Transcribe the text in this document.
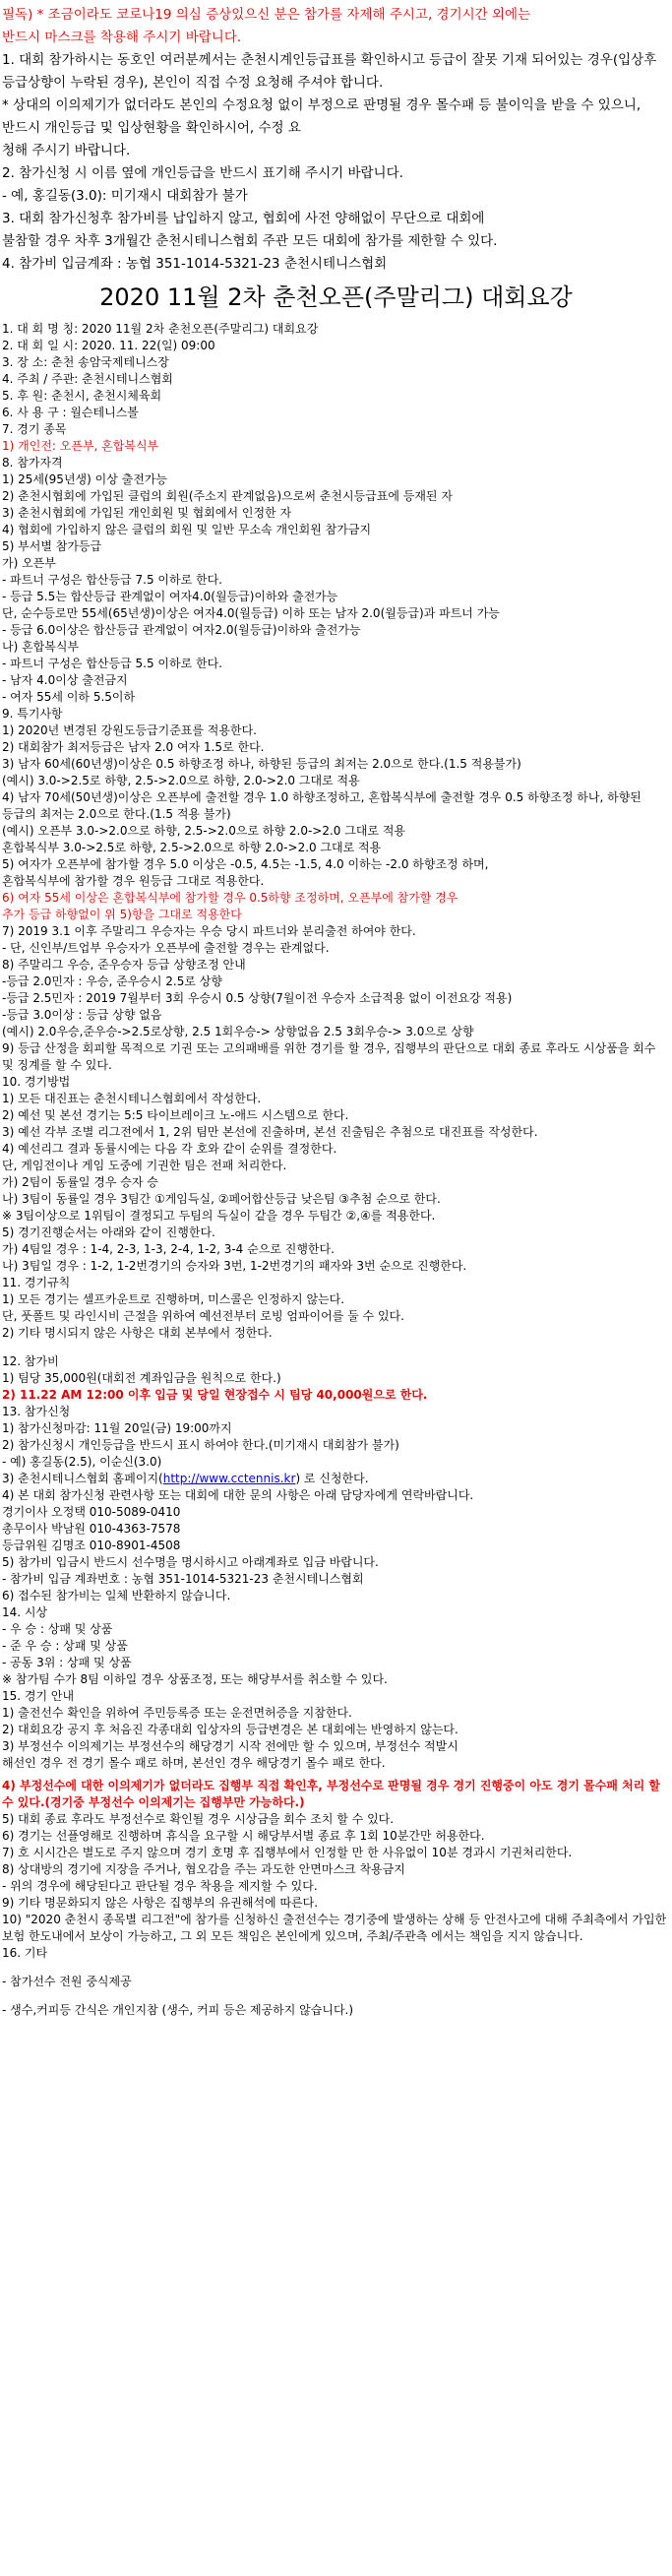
필독) * 조금이라도 코로나19 의심 증상있으신 분은 참가를 자제해 주시고, 경기시간 외에는

반드시 마스크를 착용해 주시기 바랍니다.

1. 대회 참가하시는 동호인 여러분께서는 춘천시계인등급표를 확인하시고 등급이 잘못 기재 되어있는 경우(입상후 등급상향이 누락된 경우), 본인이 직접 수정 요청해 주셔야 합니다.

* 상대의 이의제기가 없더라도 본인의 수정요청 없이 부정으로 판명될 경우 몰수패 등 불이익을 받을 수 있으니, 반드시 개인등급 및 입상현황을 확인하시어, 수정 요

청해 주시기 바랍니다.

2. 참가신청 시 이름 옆에 개인등급을 반드시 표기해 주시기 바랍니다.

- 예, 홍길동(3.0): 미기재시 대회참가 불가

3. 대회 참가신청후 참가비를 납입하지 않고, 협회에 사전 양해없이 무단으로 대회에

불참할 경우 차후 3개월간 춘천시테니스협회 주관 모든 대회에 참가를 제한할 수 있다.

4. 참가비 입금계좌 : 농협 351-1014-5321-23 춘천시테니스협회

2020 11월 2차 춘천오픈(주말리그) 대회요강

1. 대 회 명 칭: 2020 11월 2차 춘천오픈(주말리그) 대회요강

2. 대 회 일 시: 2020. 11. 22(일) 09:00

3. 장 소: 춘천 송암국제테니스장

4. 주최 / 주관: 춘천시테니스협회

5. 후 원: 춘천시, 춘천시체육회

6. 사 용 구 : 월슨테니스볼

7. 경기 종목

1) 개인전: 오픈부, 혼합복식부

8. 참가자격

1) 25세(95년생) 이상 출전가능

2) 춘천시협회에 가입된 클럽의 회원(주소지 관계없음)으로써 춘천시등급표에 등재된 자

3) 춘천시협회에 가입된 개인회원 및 협회에서 인정한 자

4) 협회에 가입하지 않은 클럽의 회원 및 일반 무소속 개인회원 참가금지

5) 부서별 참가등급

가) 오픈부

- 파트너 구성은 합산등급 7.5 이하로 한다.

- 등급 5.5는 합산등급 관계없이 여자4.0(월등급)이하와 출전가능

단, 순수등로만 55세(65년생)이상은 여자4.0(월등급) 이하 또는 남자 2.0(월등급)과 파트너 가능

- 등급 6.0이상은 합산등급 관계없이 여자2.0(월등급)이하와 출전가능

나) 혼합복식부

- 파트너 구성은 합산등급 5.5 이하로 한다.

- 남자 4.0이상 출전금지

- 여자 55세 이하 5.5이하

9. 특기사항

1) 2020년 변경된 강원도등급기준표를 적용한다.

2) 대회참가 최저등급은 남자 2.0 여자 1.5로 한다.

3) 남자 60세(60년생)이상은 0.5 하향조정 하나, 하향된 등급의 최저는 2.0으로 한다.(1.5 적용불가)

(예시) 3.0->2.5로 하향, 2.5->2.0으로 하향, 2.0->2.0 그대로 적용

4) 남자 70세(50년생)이상은 오픈부에 출전할 경우 1.0 하향조정하고, 혼합복식부에 출전할 경우 0.5 하향조정 하나, 하향된 등급의 최저는 2.0으로 한다.(1.5 적용 불가)

(예시) 오픈부 3.0->2.0으로 하향, 2.5->2.0으로 하향 2.0->2.0 그대로 적용

혼합복식부 3.0->2.5로 하향, 2.5->2.0으로 하향 2.0->2.0 그대로 적용

5) 여자가 오픈부에 참가할 경우 5.0 이상은 -0.5, 4.5는 -1.5, 4.0 이하는 -2.0 하향조정 하며,

혼합복식부에 참가할 경우 원등급 그대로 적용한다.

6) 여자 55세 이상은 혼합복식부에 참가할 경우 0.5하향 조정하며, 오픈부에 참가할 경우

추가 등급 하향없이 위 5)항을 그대로 적용한다

7) 2019 3.1 이후 주말리그 우승자는 우승 당시 파트너와 분리출전 하여야 한다.

- 단, 신인부/트업부 우승자가 오픈부에 출전할 경우는 관계없다.

8) 주말리그 우승, 준우승자 등급 상향조정 안내

-등급 2.0민자 : 우승, 준우승시 2.5로 상향

-등급 2.5민자 : 2019 7월부터 3회 우승시 0.5 상향(7월이전 우승자 소급적용 없이 이전요강 적용)

-등급 3.0이상 : 등급 상향 없음

(예시) 2.0우승,준우승->2.5로상향, 2.5 1회우승-> 상향없음 2.5 3회우승-> 3.0으로 상향

9) 등급 산정을 회피할 목적으로 기권 또는 고의패배를 위한 경기를 할 경우, 집행부의 판단으로 대회 종료 후라도 시상품을 회수 및 징계를 할 수 있다.

10. 경기방법

1) 모든 대진표는 춘천시테니스협회에서 작성한다.

2) 예선 및 본선 경기는 5:5 타이브레이크 노-애드 시스템으로 한다.

3) 예선 각부 조별 리그전에서 1, 2위 팀만 본선에 진출하며, 본선 진출팀은 추첨으로 대진표를 작성한다.

4) 예선리그 결과 동률시에는 다음 각 호와 같이 순위를 결정한다.

단, 게임전이나 게임 도중에 기권한 팀은 전패 처리한다.

가) 2팀이 동률일 경우 승자 승

나) 3팀이 동률일 경우 3팀간 ①게임득실, ②페어합산등급 낮은팀 ③추첨 순으로 한다.

※ 3팀이상으로 1위팀이 결정되고 두팀의 득실이 같을 경우 두팀간 ②,④를 적용한다.

5) 경기진행순서는 아래와 같이 진행한다.

가) 4팀일 경우 : 1-4, 2-3, 1-3, 2-4, 1-2, 3-4 순으로 진행한다.

나) 3팀일 경우 : 1-2, 1-2번경기의 승자와 3번, 1-2번경기의 패자와 3번 순으로 진행한다.

11. 경기규칙

1) 모든 경기는 셀프카운트로 진행하며, 미스콜은 인정하지 않는다.

단, 풋폴트 및 라인시비 근절을 위하여 예선전부터 로빙 엄파이어를 둘 수 있다.

2) 기타 명시되지 않은 사항은 대회 본부에서 정한다.

12. 참가비

1) 팀당 35,000원(대회전 계좌입금을 원칙으로 한다.)

2) 11.22 AM 12:00 이후 입금 및 당일 현장접수 시 팀당 40,000원으로 한다.

13. 참가신청

1) 참가신청마감: 11월 20일(금) 19:00까지

2) 참가신청시 개인등급을 반드시 표시 하여야 한다.(미기재시 대회참가 불가)

- 예) 홍길동(2.5), 이순신(3.0)

3) 춘천시테니스협회 홈페이지(http://www.cctennis.kr) 로 신청한다.

4) 본 대회 참가신청 관련사항 또는 대회에 대한 문의 사항은 아래 담당자에게 연락바랍니다.

경기이사 오정택 010-5089-0410

총무이사 박남원 010-4363-7578

등급위원 김명조 010-8901-4508

5) 참가비 입금시 반드시 선수명을 명시하시고 아래계좌로 입금 바랍니다.

- 참가비 입금 계좌번호 : 농협 351-1014-5321-23 춘천시테니스협회

6) 접수된 참가비는 일체 반환하지 않습니다.

14. 시상

- 우 승 : 상패 및 상품

- 준 우 승 : 상패 및 상품

- 공동 3위 : 상패 및 상품

※ 참가팀 수가 8팀 이하일 경우 상품조정, 또는 해당부서를 취소할 수 있다.

15. 경기 안내

1) 출전선수 확인을 위하여 주민등록증 또는 운전면허증을 지참한다.

2) 대회요강 공지 후 처음진 각종대회 입상자의 등급변경은 본 대회에는 반영하지 않는다.

3) 부정선수 이의제기는 부정선수의 해당경기 시작 전에만 할 수 있으며, 부정선수 적발시

해선인 경우 전 경기 몰수 패로 하며, 본선인 경우 해당경기 몰수 패로 한다.

4) 부정선수에 대한 이의제기가 없더라도 집행부 직접 확인후, 부정선수로 판명될 경우 경기 진행중이 아도 경기 몰수패 처리 할 수 있다.(경기중 부정선수 이의제기는 집행부만 가능하다.)

5) 대회 종료 후라도 부정선수로 확인될 경우 시상금을 회수 조치 할 수 있다.

6) 경기는 선플영해로 진행하며 휴식을 요구할 시 해당부서별 종료 후 1회 10분간만 허용한다.

7) 호 시시간은 별도로 주지 않으며 경기 호명 후 집행부에서 인정할 만 한 사유없이 10분 경과시 기권처리한다.

8) 상대방의 경기에 지장을 주거나, 협오감을 주는 과도한 안면마스크 착용금지

- 위의 경우에 해당된다고 판단될 경우 착용을 제지할 수 있다.

9) 기타 명문화되지 않은 사항은 집행부의 유권해석에 따른다.

10) "2020 춘천시 종목별 리그전"에 참가를 신청하신 출전선수는 경기중에 발생하는 상해 등 안전사고에 대해 주최측에서 가입한 보험 한도내에서 보상이 가능하고, 그 외 모든 책임은 본인에게 있으며, 주최/주관측 에서는 책임을 지지 않습니다.

16. 기타

- 참가선수 전원 중식제공

- 생수,커피등 간식은 개인지참 (생수, 커피 등은 제공하지 않습니다.)
